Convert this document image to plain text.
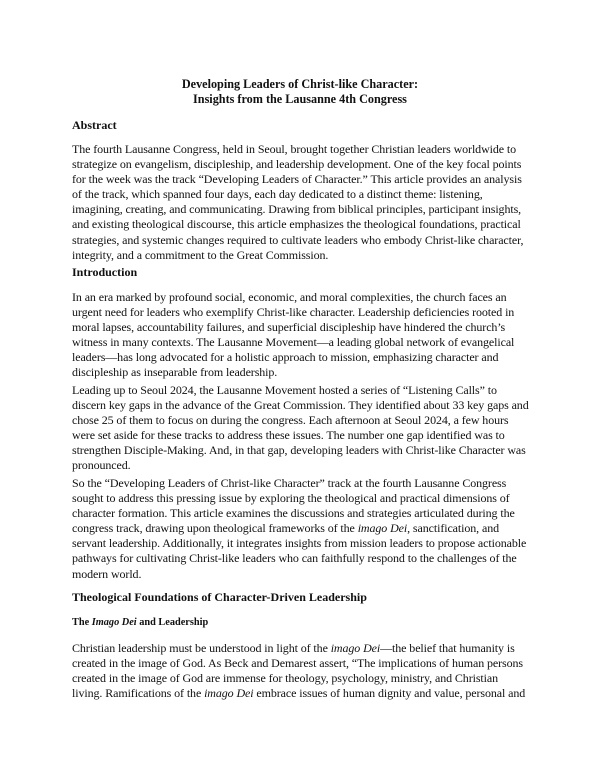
Developing Leaders of Christ-like Character:
Insights from the Lausanne 4th Congress
Abstract
The fourth Lausanne Congress, held in Seoul, brought together Christian leaders worldwide to
strategize on evangelism, discipleship, and leadership development. One of the key focal points
for the week was the track “Developing Leaders of Character.” This article provides an analysis
of the track, which spanned four days, each day dedicated to a distinct theme: listening,
imagining, creating, and communicating. Drawing from biblical principles, participant insights,
and existing theological discourse, this article emphasizes the theological foundations, practical
strategies, and systemic changes required to cultivate leaders who embody Christ-like character,
integrity, and a commitment to the Great Commission.
Introduction
In an era marked by profound social, economic, and moral complexities, the church faces an
urgent need for leaders who exemplify Christ-like character. Leadership deficiencies rooted in
moral lapses, accountability failures, and superficial discipleship have hindered the church’s
witness in many contexts. The Lausanne Movement—a leading global network of evangelical
leaders—has long advocated for a holistic approach to mission, emphasizing character and
discipleship as inseparable from leadership.
Leading up to Seoul 2024, the Lausanne Movement hosted a series of “Listening Calls” to
discern key gaps in the advance of the Great Commission. They identified about 33 key gaps and
chose 25 of them to focus on during the congress. Each afternoon at Seoul 2024, a few hours
were set aside for these tracks to address these issues. The number one gap identified was to
strengthen Disciple-Making. And, in that gap, developing leaders with Christ-like Character was
pronounced.
So the “Developing Leaders of Christ-like Character” track at the fourth Lausanne Congress
sought to address this pressing issue by exploring the theological and practical dimensions of
character formation. This article examines the discussions and strategies articulated during the
congress track, drawing upon theological frameworks of the imago Dei, sanctification, and
servant leadership. Additionally, it integrates insights from mission leaders to propose actionable
pathways for cultivating Christ-like leaders who can faithfully respond to the challenges of the
modern world.
Theological Foundations of Character-Driven Leadership
The Imago Dei and Leadership
Christian leadership must be understood in light of the imago Dei—the belief that humanity is
created in the image of God. As Beck and Demarest assert, “The implications of human persons
created in the image of God are immense for theology, psychology, ministry, and Christian
living. Ramifications of the imago Dei embrace issues of human dignity and value, personal and
